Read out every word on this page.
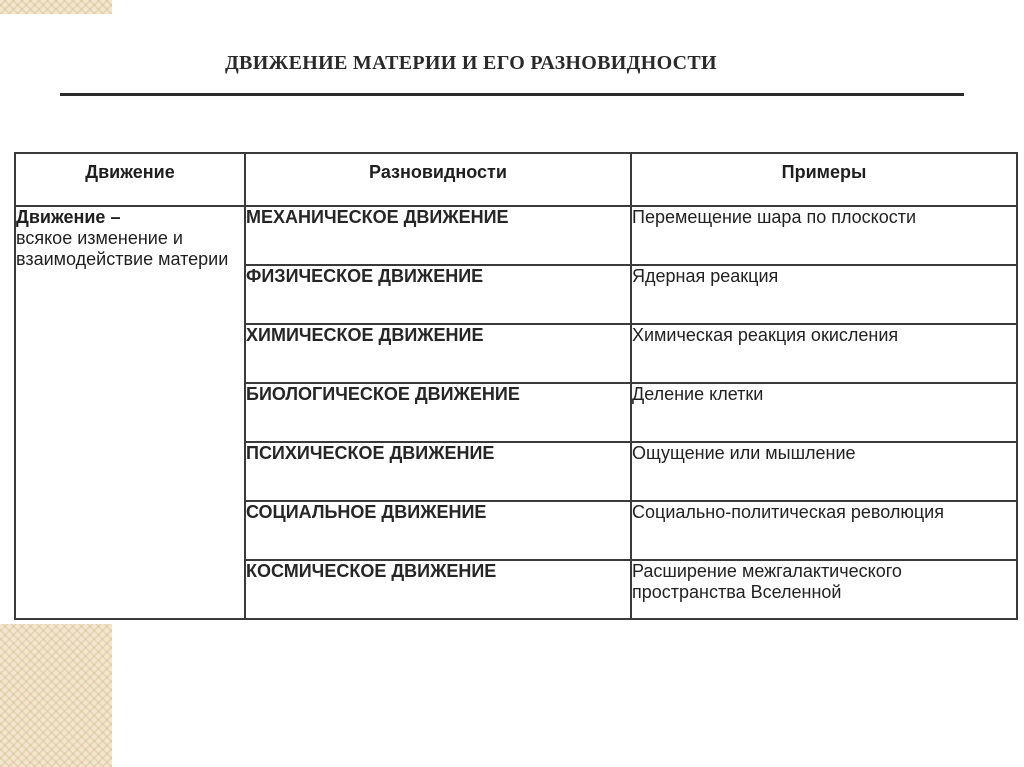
ДВИЖЕНИЕ МАТЕРИИ И ЕГО РАЗНОВИДНОСТИ
Движение	Разновидности	Примеры
Движение –
всякое изменение и взаимодействие материи	МЕХАНИЧЕСКОЕ ДВИЖЕНИЕ	Перемещение шара по плоскости
	ФИЗИЧЕСКОЕ ДВИЖЕНИЕ	Ядерная реакция
	ХИМИЧЕСКОЕ ДВИЖЕНИЕ	Химическая реакция окисления
	БИОЛОГИЧЕСКОЕ ДВИЖЕНИЕ	Деление клетки
	ПСИХИЧЕСКОЕ ДВИЖЕНИЕ	Ощущение или мышление
	СОЦИАЛЬНОЕ ДВИЖЕНИЕ	Социально-политическая революция
	КОСМИЧЕСКОЕ ДВИЖЕНИЕ	Расширение межгалактического пространства Вселенной
